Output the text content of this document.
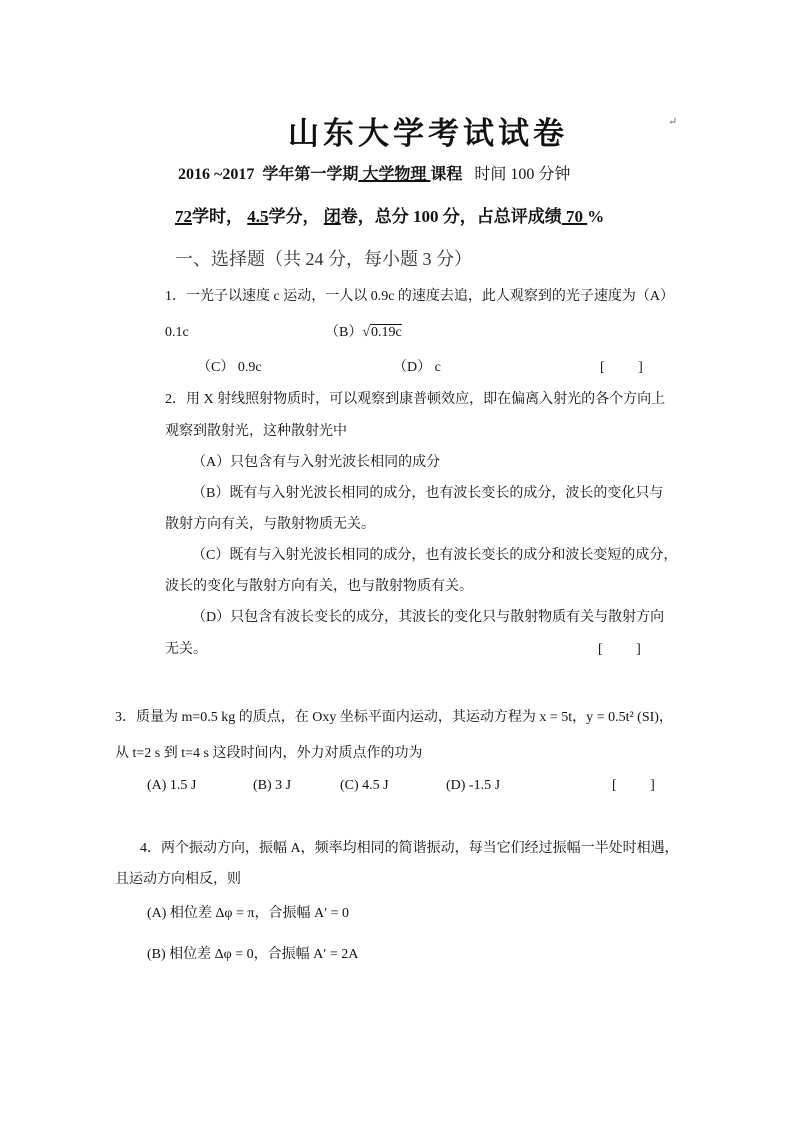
山东大学考试试卷	↵
2016 ~2017 学年第一学期 大学物理 课程 时间 100 分钟
72学时， 4.5学分， 闭卷，总分 100 分，占总评成绩 70 %
一、选择题（共 24 分，每小题 3 分）
1．一光子以速度 c 运动，一人以 0.9c 的速度去追，此人观察到的光子速度为（A）
0.1c	（B）√0.19c
（C） 0.9c	（D） c	[ ]
2．用 X 射线照射物质时，可以观察到康普顿效应，即在偏离入射光的各个方向上
观察到散射光，这种散射光中
（A）只包含有与入射光波长相同的成分
（B）既有与入射光波长相同的成分，也有波长变长的成分，波长的变化只与
散射方向有关，与散射物质无关。
（C）既有与入射光波长相同的成分，也有波长变长的成分和波长变短的成分，
波长的变化与散射方向有关，也与散射物质有关。
（D）只包含有波长变长的成分，其波长的变化只与散射物质有关与散射方向
无关。	[ ]
3．质量为 m=0.5 kg 的质点，在 Oxy 坐标平面内运动，其运动方程为 x = 5t，y = 0.5t² (SI)，
从 t=2 s 到 t=4 s 这段时间内，外力对质点作的功为
(A) 1.5 J	(B) 3 J	(C) 4.5 J	(D) -1.5 J	[ ]
4．两个振动方向，振幅 A，频率均相同的简谐振动，每当它们经过振幅一半处时相遇，
且运动方向相反，则
(A) 相位差 Δφ = π，合振幅 A′ = 0
(B) 相位差 Δφ = 0，合振幅 A′ = 2A
